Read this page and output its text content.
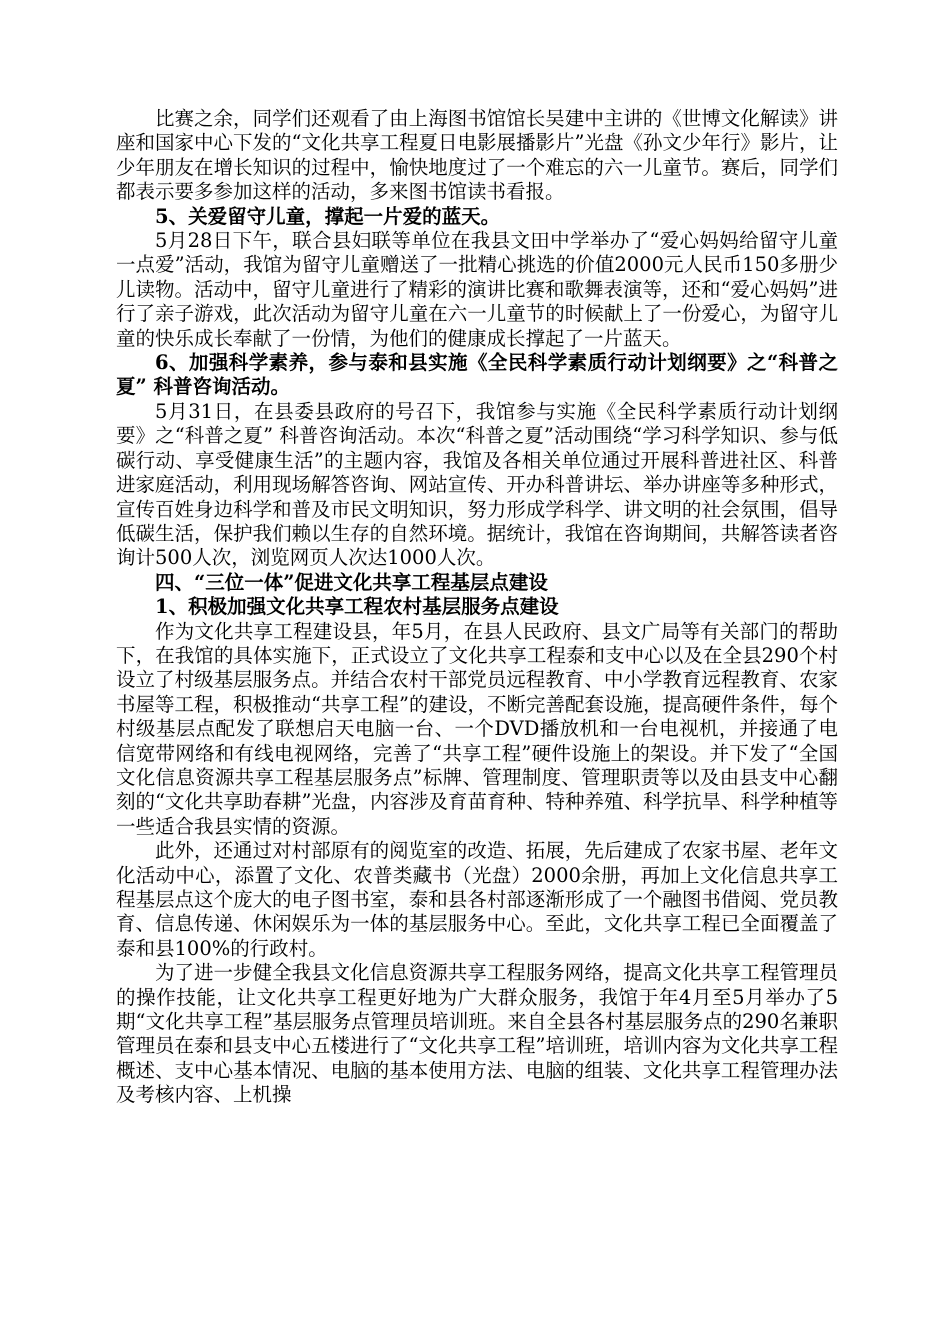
比赛之余，同学们还观看了由上海图书馆馆长吴建中主讲的《世博文化解读》讲座和国家中心下发的“文化共享工程夏日电影展播影片”光盘《孙文少年行》影片，让少年朋友在增长知识的过程中，愉快地度过了一个难忘的六一儿童节。赛后，同学们都表示要多参加这样的活动，多来图书馆读书看报。

5、关爱留守儿童，撑起一片爱的蓝天。

5月28日下午，联合县妇联等单位在我县文田中学举办了“爱心妈妈给留守儿童一点爱”活动，我馆为留守儿童赠送了一批精心挑选的价值2000元人民币150多册少儿读物。活动中，留守儿童进行了精彩的演讲比赛和歌舞表演等，还和“爱心妈妈”进行了亲子游戏，此次活动为留守儿童在六一儿童节的时候献上了一份爱心，为留守儿童的快乐成长奉献了一份情，为他们的健康成长撑起了一片蓝天。

6、加强科学素养，参与泰和县实施《全民科学素质行动计划纲要》之“科普之夏” 科普咨询活动。

5月31日，在县委县政府的号召下，我馆参与实施《全民科学素质行动计划纲要》之“科普之夏” 科普咨询活动。本次“科普之夏”活动围绕“学习科学知识、参与低碳行动、享受健康生活”的主题内容，我馆及各相关单位通过开展科普进社区、科普进家庭活动，利用现场解答咨询、网站宣传、开办科普讲坛、举办讲座等多种形式，宣传百姓身边科学和普及市民文明知识，努力形成学科学、讲文明的社会氛围，倡导低碳生活，保护我们赖以生存的自然环境。据统计，我馆在咨询期间，共解答读者咨询计500人次，浏览网页人次达1000人次。

四、“三位一体”促进文化共享工程基层点建设

1、积极加强文化共享工程农村基层服务点建设

作为文化共享工程建设县，年5月，在县人民政府、县文广局等有关部门的帮助下，在我馆的具体实施下，正式设立了文化共享工程泰和支中心以及在全县290个村设立了村级基层服务点。并结合农村干部党员远程教育、中小学教育远程教育、农家书屋等工程，积极推动“共享工程”的建设，不断完善配套设施，提高硬件条件，每个村级基层点配发了联想启天电脑一台、一个DVD播放机和一台电视机，并接通了电信宽带网络和有线电视网络，完善了“共享工程”硬件设施上的架设。并下发了“全国文化信息资源共享工程基层服务点”标牌、管理制度、管理职责等以及由县支中心翻刻的“文化共享助春耕”光盘，内容涉及育苗育种、特种养殖、科学抗旱、科学种植等一些适合我县实情的资源。

此外，还通过对村部原有的阅览室的改造、拓展，先后建成了农家书屋、老年文化活动中心，添置了文化、农普类藏书（光盘）2000余册，再加上文化信息共享工程基层点这个庞大的电子图书室，泰和县各村部逐渐形成了一个融图书借阅、党员教育、信息传递、休闲娱乐为一体的基层服务中心。至此，文化共享工程已全面覆盖了泰和县100%的行政村。

为了进一步健全我县文化信息资源共享工程服务网络，提高文化共享工程管理员的操作技能，让文化共享工程更好地为广大群众服务，我馆于年4月至5月举办了5期“文化共享工程”基层服务点管理员培训班。来自全县各村基层服务点的290名兼职管理员在泰和县支中心五楼进行了“文化共享工程”培训班，培训内容为文化共享工程概述、支中心基本情况、电脑的基本使用方法、电脑的组装、文化共享工程管理办法及考核内容、上机操
